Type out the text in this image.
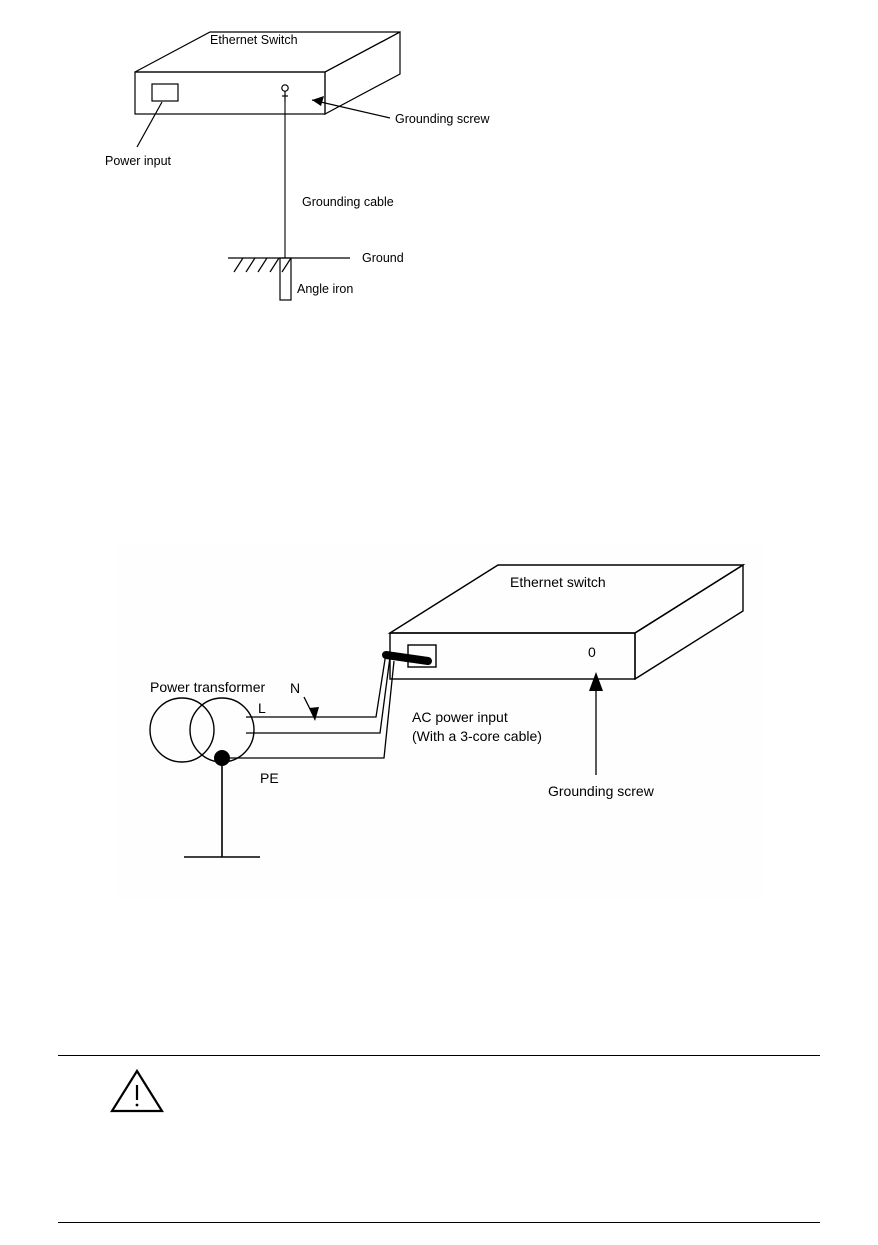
Power input
Grounding screw
Ethernet Switch
Grounding cable
Ground
Angle iron
Ethernet switch
0
Grounding screw
Power transformer N
L
PE
AC power input
(With a 3-core cable)
